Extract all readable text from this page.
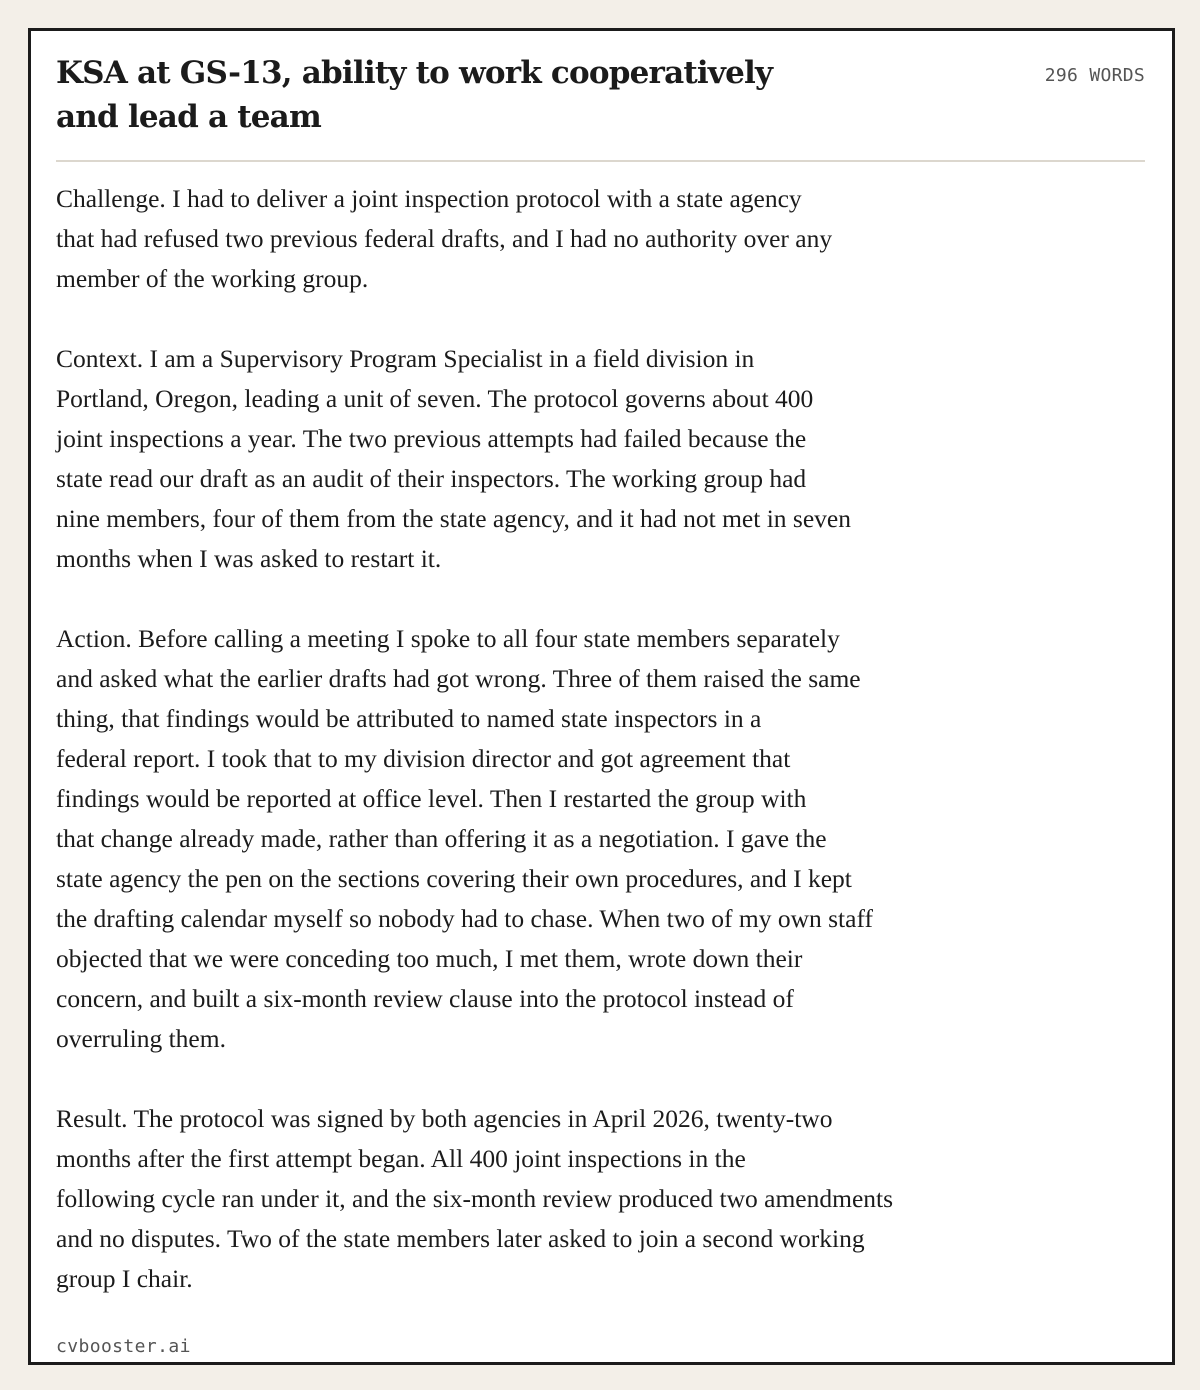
KSA at GS-13, ability to work cooperatively
and lead a team
296 WORDS

Challenge. I had to deliver a joint inspection protocol with a state agency
that had refused two previous federal drafts, and I had no authority over any
member of the working group.

Context. I am a Supervisory Program Specialist in a field division in
Portland, Oregon, leading a unit of seven. The protocol governs about 400
joint inspections a year. The two previous attempts had failed because the
state read our draft as an audit of their inspectors. The working group had
nine members, four of them from the state agency, and it had not met in seven
months when I was asked to restart it.

Action. Before calling a meeting I spoke to all four state members separately
and asked what the earlier drafts had got wrong. Three of them raised the same
thing, that findings would be attributed to named state inspectors in a
federal report. I took that to my division director and got agreement that
findings would be reported at office level. Then I restarted the group with
that change already made, rather than offering it as a negotiation. I gave the
state agency the pen on the sections covering their own procedures, and I kept
the drafting calendar myself so nobody had to chase. When two of my own staff
objected that we were conceding too much, I met them, wrote down their
concern, and built a six-month review clause into the protocol instead of
overruling them.

Result. The protocol was signed by both agencies in April 2026, twenty-two
months after the first attempt began. All 400 joint inspections in the
following cycle ran under it, and the six-month review produced two amendments
and no disputes. Two of the state members later asked to join a second working
group I chair.

cvbooster.ai
